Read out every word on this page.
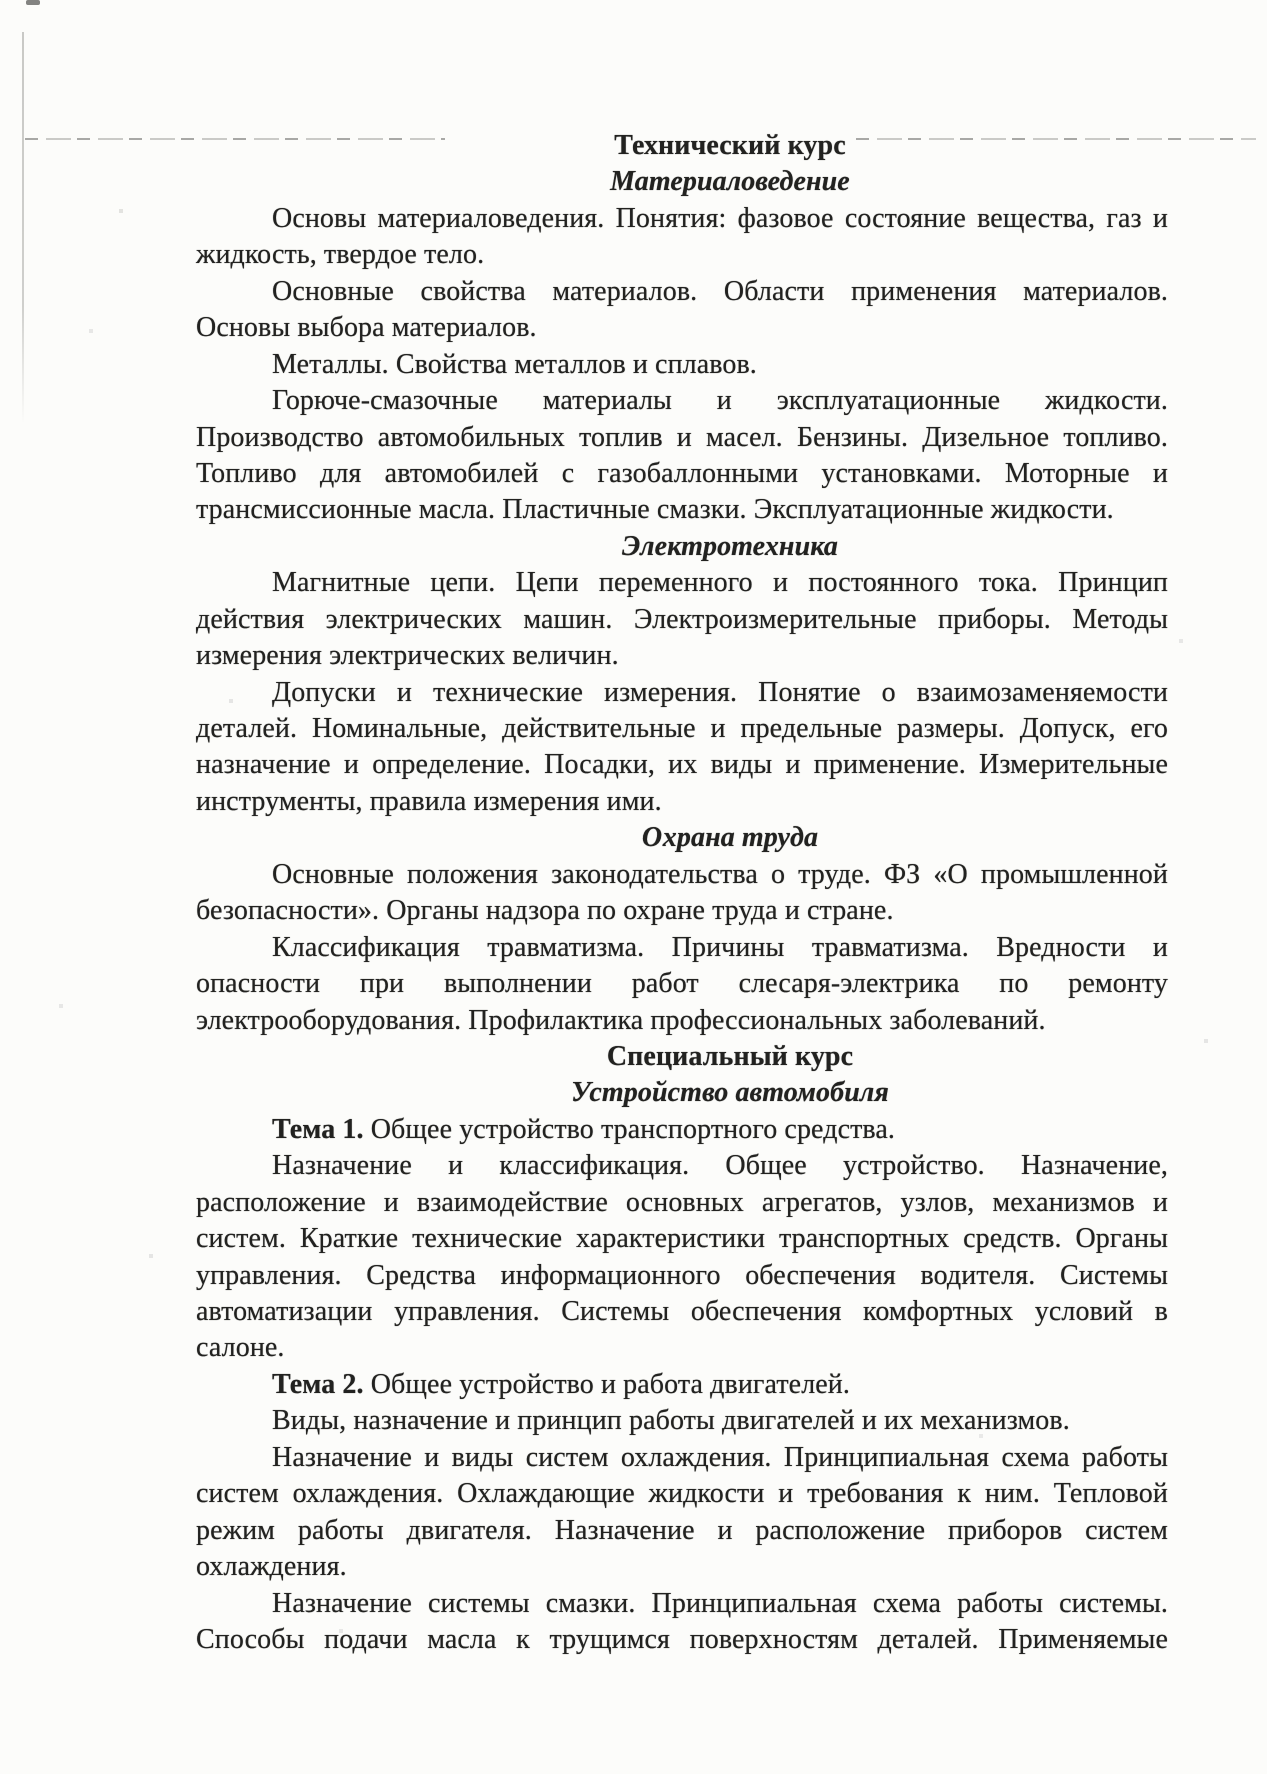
Технический курс
Материаловедение
Основы материаловедения. Понятия: фазовое состояние вещества, газ и
жидкость, твердое тело.
Основные свойства материалов. Области применения материалов.
Основы выбора материалов.
Металлы. Свойства металлов и сплавов.
Горюче-смазочные материалы и эксплуатационные жидкости.
Производство автомобильных топлив и масел. Бензины. Дизельное топливо.
Топливо для автомобилей с газобаллонными установками. Моторные и
трансмиссионные масла. Пластичные смазки. Эксплуатационные жидкости.
Электротехника
Магнитные цепи. Цепи переменного и постоянного тока. Принцип
действия электрических машин. Электроизмерительные приборы. Методы
измерения электрических величин.
Допуски и технические измерения. Понятие о взаимозаменяемости
деталей. Номинальные, действительные и предельные размеры. Допуск, его
назначение и определение. Посадки, их виды и применение. Измерительные
инструменты, правила измерения ими.
Охрана труда
Основные положения законодательства о труде. ФЗ «О промышленной
безопасности». Органы надзора по охране труда и стране.
Классификация травматизма. Причины травматизма. Вредности и
опасности при выполнении работ слесаря-электрика по ремонту
электрооборудования. Профилактика профессиональных заболеваний.
Специальный курс
Устройство автомобиля
Тема 1. Общее устройство транспортного средства.
Назначение и классификация. Общее устройство. Назначение,
расположение и взаимодействие основных агрегатов, узлов, механизмов и
систем. Краткие технические характеристики транспортных средств. Органы
управления. Средства информационного обеспечения водителя. Системы
автоматизации управления. Системы обеспечения комфортных условий в
салоне.
Тема 2. Общее устройство и работа двигателей.
Виды, назначение и принцип работы двигателей и их механизмов.
Назначение и виды систем охлаждения. Принципиальная схема работы
систем охлаждения. Охлаждающие жидкости и требования к ним. Тепловой
режим работы двигателя. Назначение и расположение приборов систем
охлаждения.
Назначение системы смазки. Принципиальная схема работы системы.
Способы подачи масла к трущимся поверхностям деталей. Применяемые
